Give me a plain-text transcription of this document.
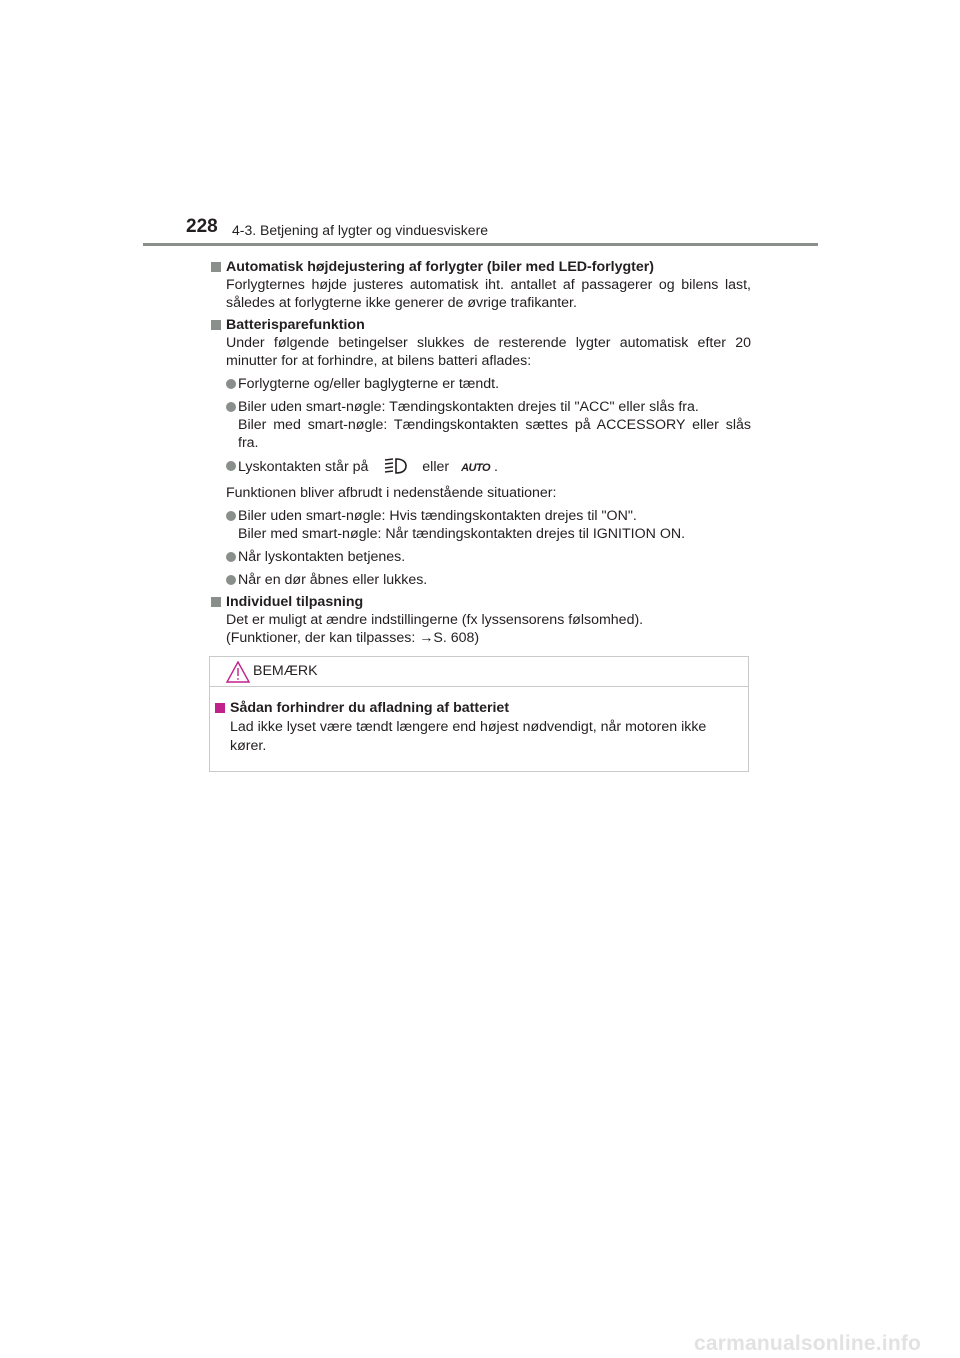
228 4-3. Betjening af lygter og vinduesviskere
Automatisk højdejustering af forlygter (biler med LED-forlygter)
Forlygternes højde justeres automatisk iht. antallet af passagerer og bilens last, således at forlygterne ikke generer de øvrige trafikanter.
Batterisparefunktion
Under følgende betingelser slukkes de resterende lygter automatisk efter 20 minutter for at forhindre, at bilens batteri aflades:
Forlygterne og/eller baglygterne er tændt.
Biler uden smart-nøgle: Tændingskontakten drejes til "ACC" eller slås fra.
Biler med smart-nøgle: Tændingskontakten sættes på ACCESSORY eller slås fra.
Lyskontakten står på	eller AUTO .
Funktionen bliver afbrudt i nedenstående situationer:
Biler uden smart-nøgle: Hvis tændingskontakten drejes til "ON".
Biler med smart-nøgle: Når tændingskontakten drejes til IGNITION ON.
Når lyskontakten betjenes.
Når en dør åbnes eller lukkes.
Individuel tilpasning
Det er muligt at ændre indstillingerne (fx lyssensorens følsomhed).
(Funktioner, der kan tilpasses: →S. 608)
BEMÆRK
Sådan forhindrer du afladning af batteriet
Lad ikke lyset være tændt længere end højest nødvendigt, når motoren ikke kører.
carmanualsonline.info
